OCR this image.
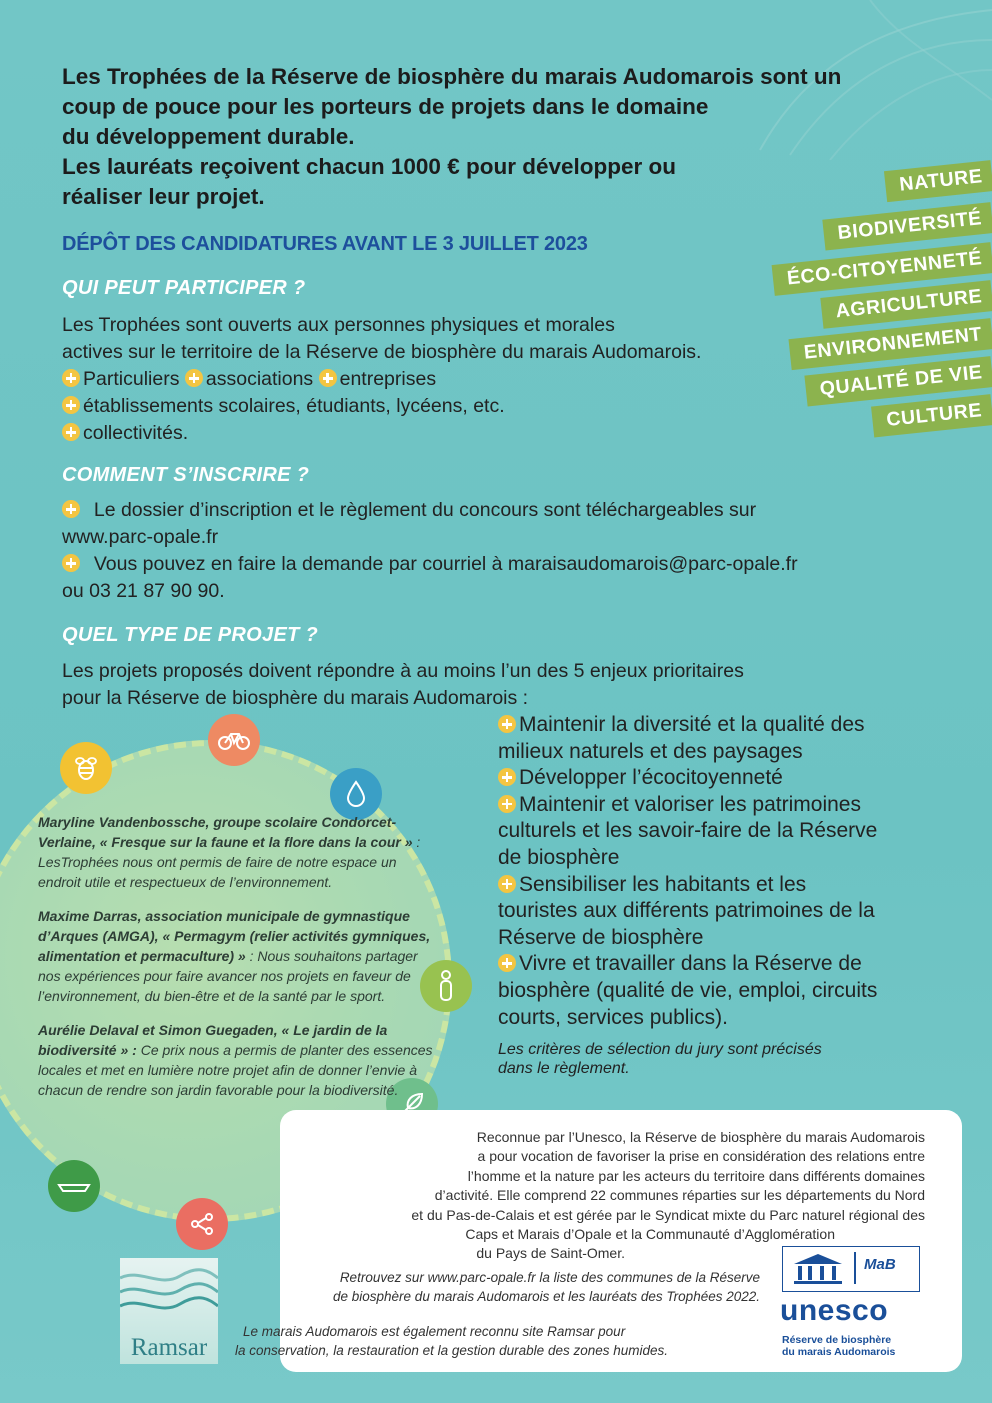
Les Trophées de la Réserve de biosphère du marais Audomarois sont un

coup de pouce pour les porteurs de projets dans le domaine

du développement durable.

Les lauréats reçoivent chacun 1000 € pour développer ou

réaliser leur projet.

NATURE
BIODIVERSITÉ
ÉCO-CITOYENNETÉ
AGRICULTURE
ENVIRONNEMENT
QUALITÉ DE VIE
CULTURE
DÉPÔT DES CANDIDATURES AVANT LE 3 JUILLET 2023
QUI PEUT PARTICIPER ?

Les Trophées sont ouverts aux personnes physiques et morales

actives sur le territoire de la Réserve de biosphère du marais Audomarois.

Particuliers associations entreprises

établissements scolaires, étudiants, lycéens, etc.

collectivités.

COMMENT S’INSCRIRE ?

Le dossier d’inscription et le règlement du concours sont téléchargeables sur

www.parc-opale.fr

Vous pouvez en faire la demande par courriel à maraisaudomarois@parc-opale.fr

ou 03 21 87 90 90.

QUEL TYPE DE PROJET ?

Les projets proposés doivent répondre à au moins l’un des 5 enjeux prioritaires

pour la Réserve de biosphère du marais Audomarois :

Maryline Vandenbossche, groupe scolaire Condorcet-Verlaine, « Fresque sur la faune et la flore dans la cour » : LesTrophées nous ont permis de faire de notre espace un endroit utile et respectueux de l’environnement.

Maxime Darras, association municipale de gymnastique d’Arques (AMGA), « Permagym (relier activités gymniques, alimentation et permaculture) » : Nous souhaitons partager nos expériences pour faire avancer nos projets en faveur de l’environnement, du bien-être et de la santé par le sport.

Aurélie Delaval et Simon Guegaden, « Le jardin de la biodiversité » : Ce prix nous a permis de planter des essences locales et met en lumière notre projet afin de donner l’envie à chacun de rendre son jardin favorable pour la biodiversité.

Maintenir la diversité et la qualité des

milieux naturels et des paysages

Développer l’écocitoyenneté

Maintenir et valoriser les patrimoines

culturels et les savoir-faire de la Réserve

de biosphère

Sensibiliser les habitants et les

touristes aux différents patrimoines de la

Réserve de biosphère

Vivre et travailler dans la Réserve de

biosphère (qualité de vie, emploi, circuits

courts, services publics).

Les critères de sélection du jury sont précisés
dans le règlement.
Reconnue par l’Unesco, la Réserve de biosphère du marais Audomarois
a pour vocation de favoriser la prise en considération des relations entre
l’homme et la nature par les acteurs du territoire dans différents domaines
d’activité. Elle comprend 22 communes réparties sur les départements du Nord
et du Pas-de-Calais et est gérée par le Syndicat mixte du Parc naturel régional des
Caps et Marais d’Opale et la Communauté d’Agglomération
du Pays de Saint-Omer.
Retrouvez sur www.parc-opale.fr la liste des communes de la Réserve
de biosphère du marais Audomarois et les lauréats des Trophées 2022.
Le marais Audomarois est également reconnu site Ramsar pour
la conservation, la restauration et la gestion durable des zones humides.
Ramsar
MaB
unesco
Réserve de biosphère
du marais Audomarois
